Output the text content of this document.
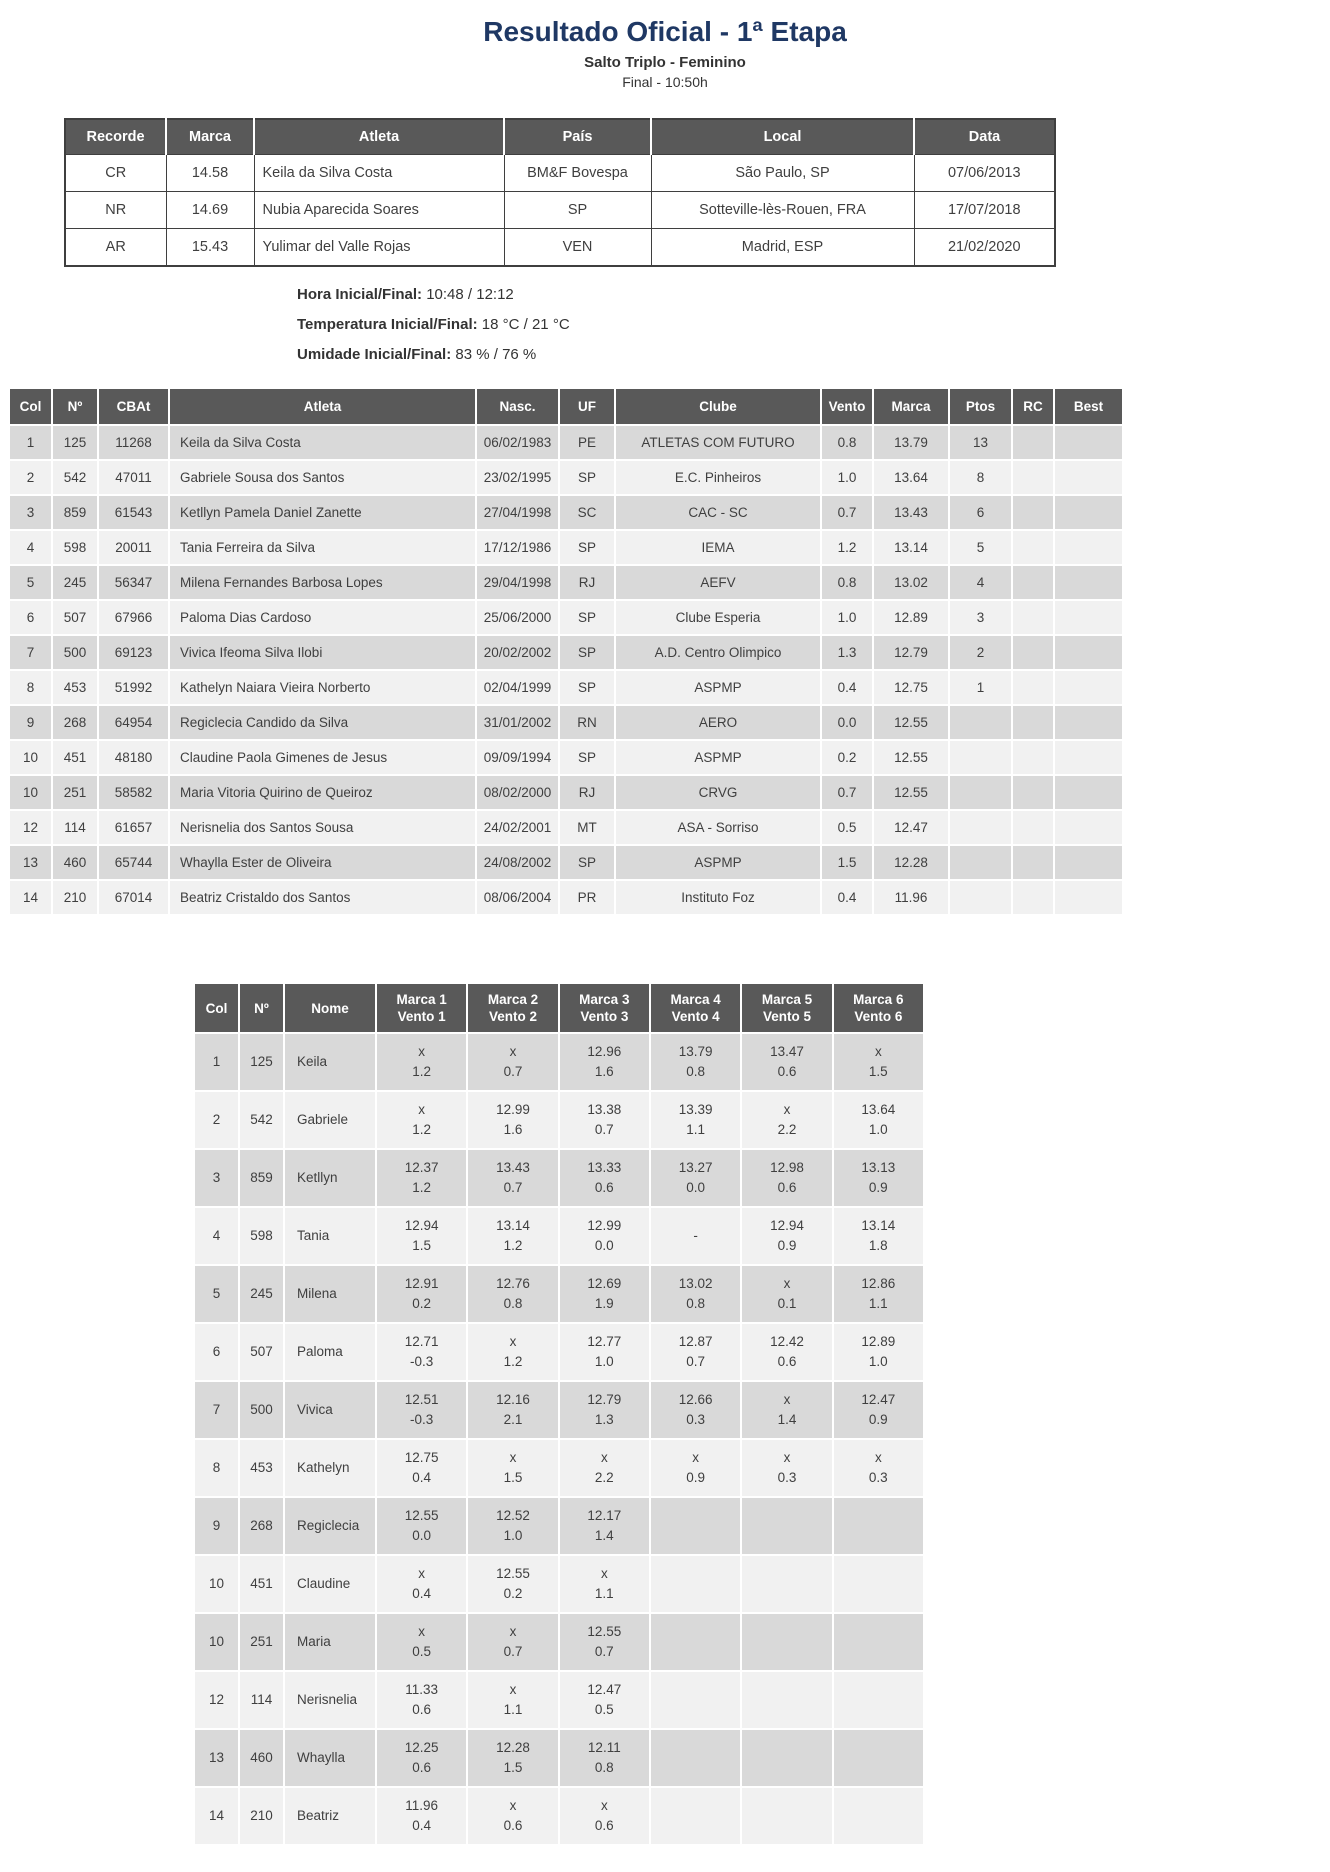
Resultado Oficial - 1ª Etapa
Salto Triplo - Feminino
Final - 10:50h
Recorde	Marca	Atleta	País	Local	Data
CR	14.58	Keila da Silva Costa	BM&F Bovespa	São Paulo, SP	07/06/2013
NR	14.69	Nubia Aparecida Soares	SP	Sotteville-lès-Rouen, FRA	17/07/2018
AR	15.43	Yulimar del Valle Rojas	VEN	Madrid, ESP	21/02/2020
Hora Inicial/Final: 10:48 / 12:12
Temperatura Inicial/Final: 18 °C / 21 °C
Umidade Inicial/Final: 83 % / 76 %
Col	Nº	CBAt	Atleta	Nasc.	UF	Clube	Vento	Marca	Ptos	RC	Best
1	125	11268	Keila da Silva Costa	06/02/1983	PE	ATLETAS COM FUTURO	0.8	13.79	13		
2	542	47011	Gabriele Sousa dos Santos	23/02/1995	SP	E.C. Pinheiros	1.0	13.64	8		
3	859	61543	Ketllyn Pamela Daniel Zanette	27/04/1998	SC	CAC - SC	0.7	13.43	6		
4	598	20011	Tania Ferreira da Silva	17/12/1986	SP	IEMA	1.2	13.14	5		
5	245	56347	Milena Fernandes Barbosa Lopes	29/04/1998	RJ	AEFV	0.8	13.02	4		
6	507	67966	Paloma Dias Cardoso	25/06/2000	SP	Clube Esperia	1.0	12.89	3		
7	500	69123	Vivica Ifeoma Silva Ilobi	20/02/2002	SP	A.D. Centro Olimpico	1.3	12.79	2		
8	453	51992	Kathelyn Naiara Vieira Norberto	02/04/1999	SP	ASPMP	0.4	12.75	1		
9	268	64954	Regiclecia Candido da Silva	31/01/2002	RN	AERO	0.0	12.55			
10	451	48180	Claudine Paola Gimenes de Jesus	09/09/1994	SP	ASPMP	0.2	12.55			
10	251	58582	Maria Vitoria Quirino de Queiroz	08/02/2000	RJ	CRVG	0.7	12.55			
12	114	61657	Nerisnelia dos Santos Sousa	24/02/2001	MT	ASA - Sorriso	0.5	12.47			
13	460	65744	Whaylla Ester de Oliveira	24/08/2002	SP	ASPMP	1.5	12.28			
14	210	67014	Beatriz Cristaldo dos Santos	08/06/2004	PR	Instituto Foz	0.4	11.96			
Col	Nº	Nome

Marca 1
Vento 1

Marca 2
Vento 2

Marca 3
Vento 3

Marca 4
Vento 4

Marca 5
Vento 5

Marca 6
Vento 6

1	125	Keila	
x
1.2

x
0.7

12.96
1.6

13.79
0.8

13.47
0.6

x
1.5

2	542	Gabriele	
x
1.2

12.99
1.6

13.38
0.7

13.39
1.1

x
2.2

13.64
1.0

3	859	Ketllyn	
12.37
1.2

13.43
0.7

13.33
0.6

13.27
0.0

12.98
0.6

13.13
0.9

4	598	Tania	
12.94
1.5

13.14
1.2

12.99
0.0

-

12.94
0.9

13.14
1.8

5	245	Milena	
12.91
0.2

12.76
0.8

12.69
1.9

13.02
0.8

x
0.1

12.86
1.1

6	507	Paloma	
12.71
-0.3

x
1.2

12.77
1.0

12.87
0.7

12.42
0.6

12.89
1.0

7	500	Vivica	
12.51
-0.3

12.16
2.1

12.79
1.3

12.66
0.3

x
1.4

12.47
0.9

8	453	Kathelyn	
12.75
0.4

x
1.5

x
2.2

x
0.9

x
0.3

x
0.3

9	268	Regiclecia	
12.55
0.0

12.52
1.0

12.17
1.4

10	451	Claudine	
x
0.4

12.55
0.2

x
1.1

10	251	Maria	
x
0.5

x
0.7

12.55
0.7

12	114	Nerisnelia	
11.33
0.6

x
1.1

12.47
0.5

13	460	Whaylla	
12.25
0.6

12.28
1.5

12.11
0.8

14	210	Beatriz	
11.96
0.4

x
0.6

x
0.6
